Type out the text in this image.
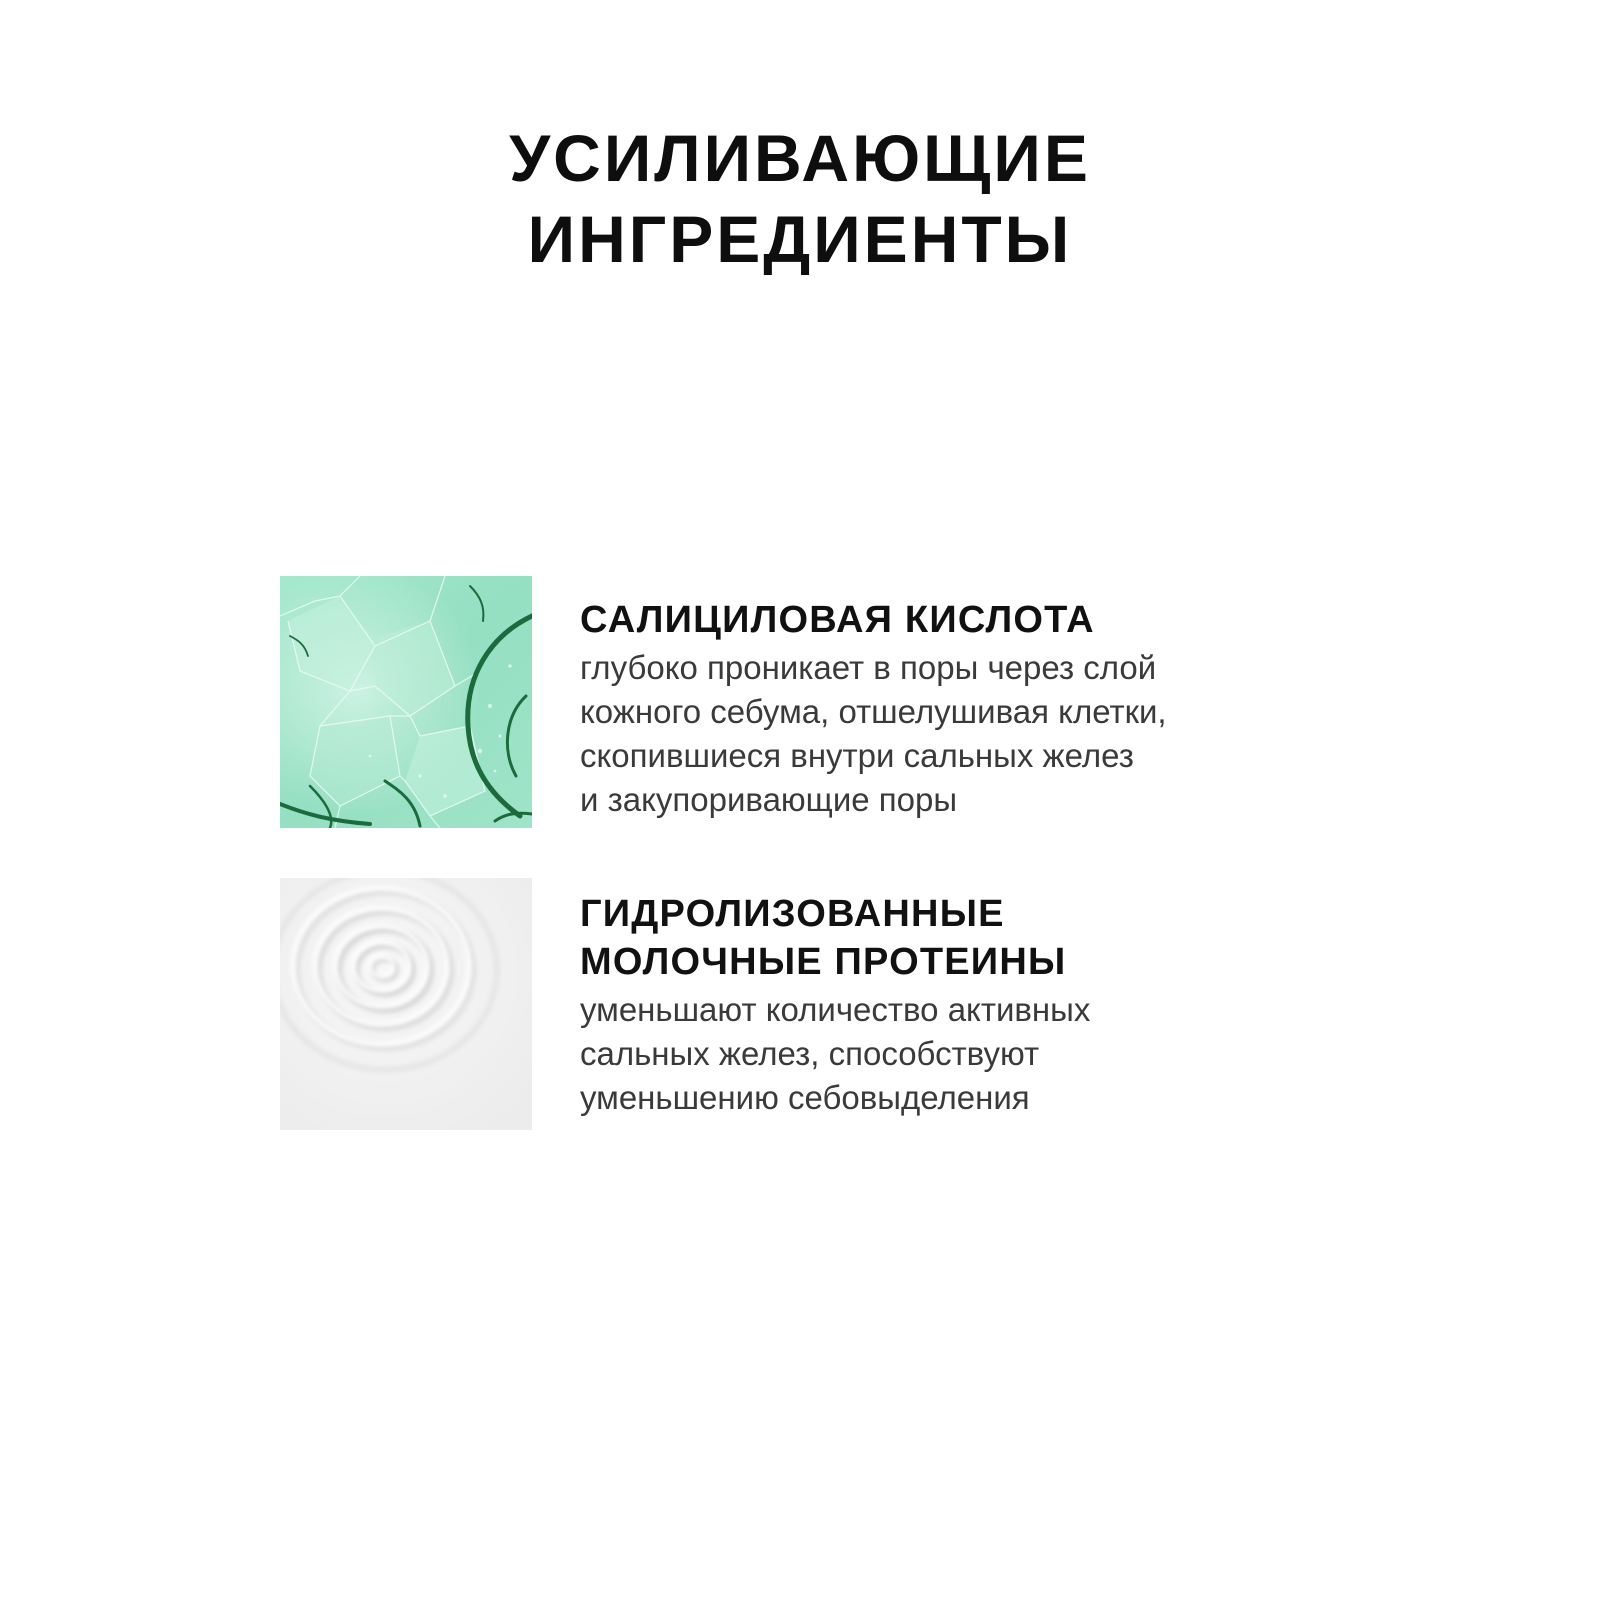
УСИЛИВАЮЩИЕ
ИНГРЕДИЕНТЫ
САЛИЦИЛОВАЯ КИСЛОТА
глубоко проникает в поры через слой
кожного себума, отшелушивая клетки,
скопившиеся внутри сальных желез
и закупоривающие поры
ГИДРОЛИЗОВАННЫЕ
МОЛОЧНЫЕ ПРОТЕИНЫ
уменьшают количество активных
сальных желез, способствуют
уменьшению себовыделения
